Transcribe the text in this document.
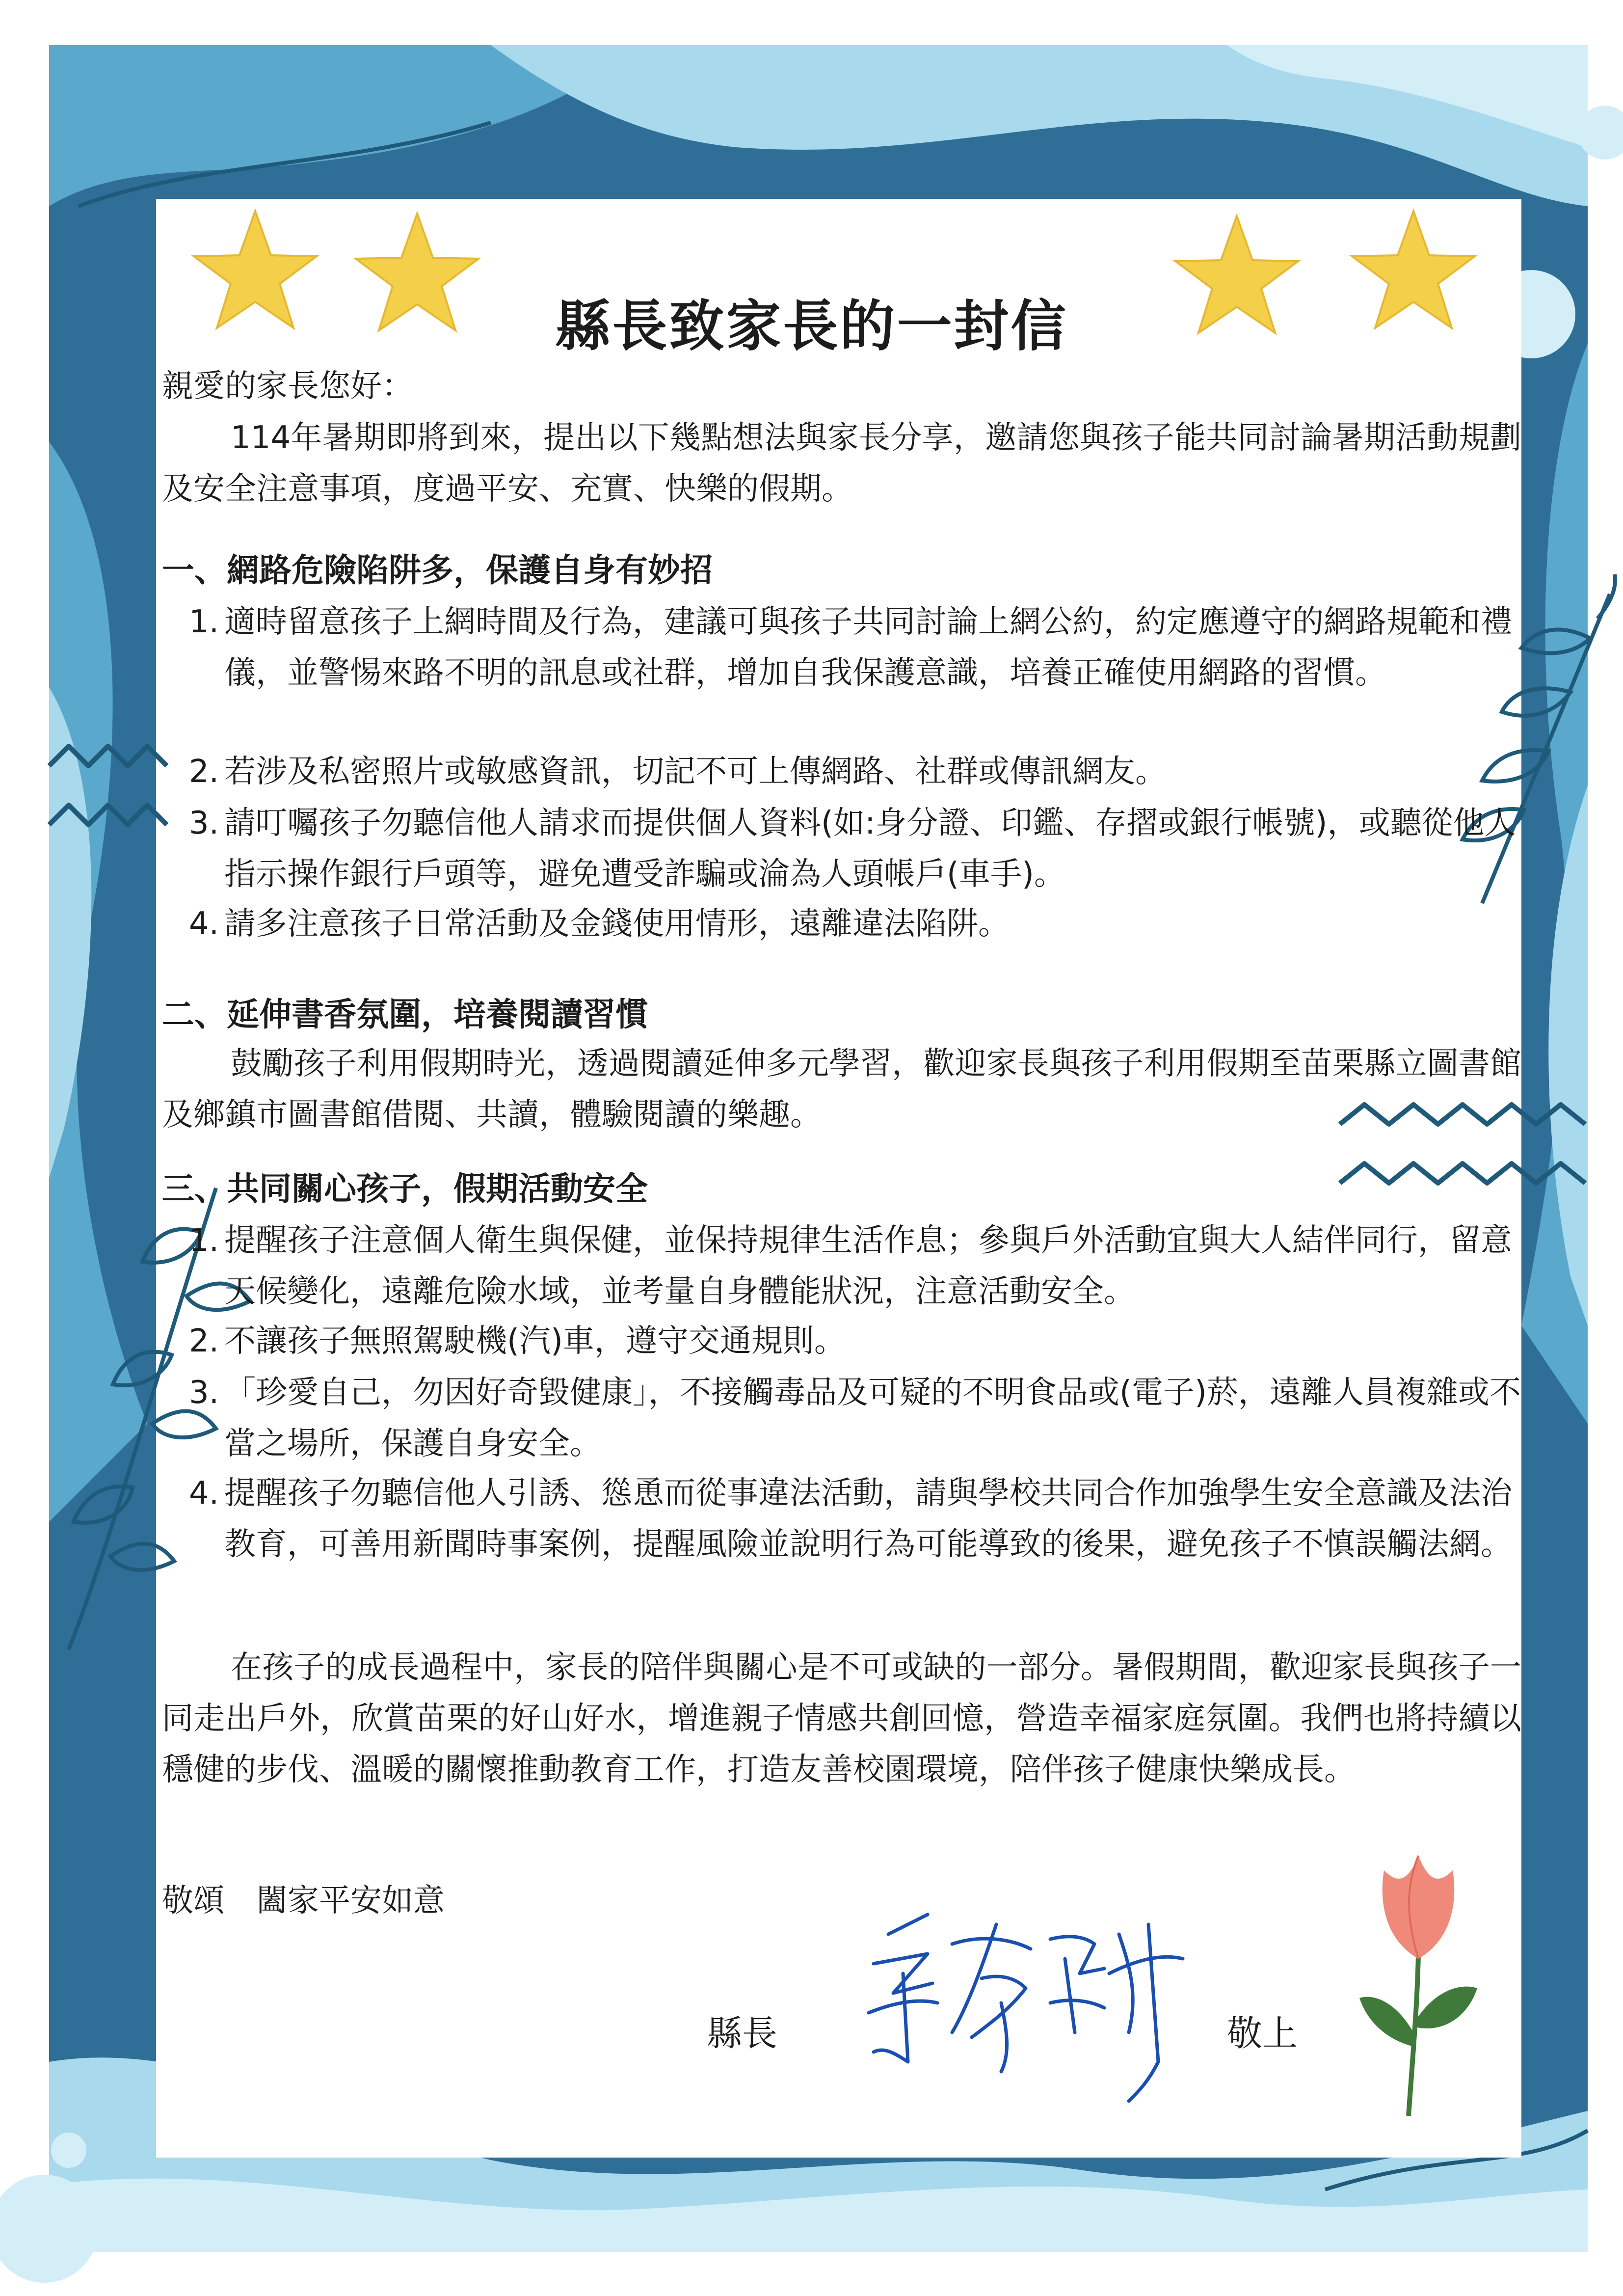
縣長致家長的一封信

親愛的家長您好：

114年暑期即將到來，提出以下幾點想法與家長分享，邀請您與孩子能共同討論暑期活動規劃及安全注意事項，度過平安、充實、快樂的假期。

一、網路危險陷阱多，保護自身有妙招

1. 適時留意孩子上網時間及行為，建議可與孩子共同討論上網公約，約定應遵守的網路規範和禮儀，並警惕來路不明的訊息或社群，增加自我保護意識，培養正確使用網路的習慣。
2. 若涉及私密照片或敏感資訊，切記不可上傳網路、社群或傳訊網友。
3. 請叮囑孩子勿聽信他人請求而提供個人資料(如:身分證、印鑑、存摺或銀行帳號)，或聽從他人指示操作銀行戶頭等，避免遭受詐騙或淪為人頭帳戶(車手)。
4. 請多注意孩子日常活動及金錢使用情形，遠離違法陷阱。

二、延伸書香氛圍，培養閱讀習慣

鼓勵孩子利用假期時光，透過閱讀延伸多元學習，歡迎家長與孩子利用假期至苗栗縣立圖書館及鄉鎮市圖書館借閱、共讀，體驗閱讀的樂趣。

三、共同關心孩子，假期活動安全

1. 提醒孩子注意個人衛生與保健，並保持規律生活作息；參與戶外活動宜與大人結伴同行，留意天候變化，遠離危險水域，並考量自身體能狀況，注意活動安全。
2. 不讓孩子無照駕駛機(汽)車，遵守交通規則。
3. 「珍愛自己，勿因好奇毀健康」，不接觸毒品及可疑的不明食品或(電子)菸，遠離人員複雜或不當之場所，保護自身安全。
4. 提醒孩子勿聽信他人引誘、慫恿而從事違法活動，請與學校共同合作加強學生安全意識及法治教育，可善用新聞時事案例，提醒風險並說明行為可能導致的後果，避免孩子不慎誤觸法網。

在孩子的成長過程中，家長的陪伴與關心是不可或缺的一部分。暑假期間，歡迎家長與孩子一同走出戶外，欣賞苗栗的好山好水，增進親子情感共創回憶，營造幸福家庭氛圍。我們也將持續以穩健的步伐、溫暖的關懷推動教育工作，打造友善校園環境，陪伴孩子健康快樂成長。

敬頌 闔家平安如意

縣長	敬上
